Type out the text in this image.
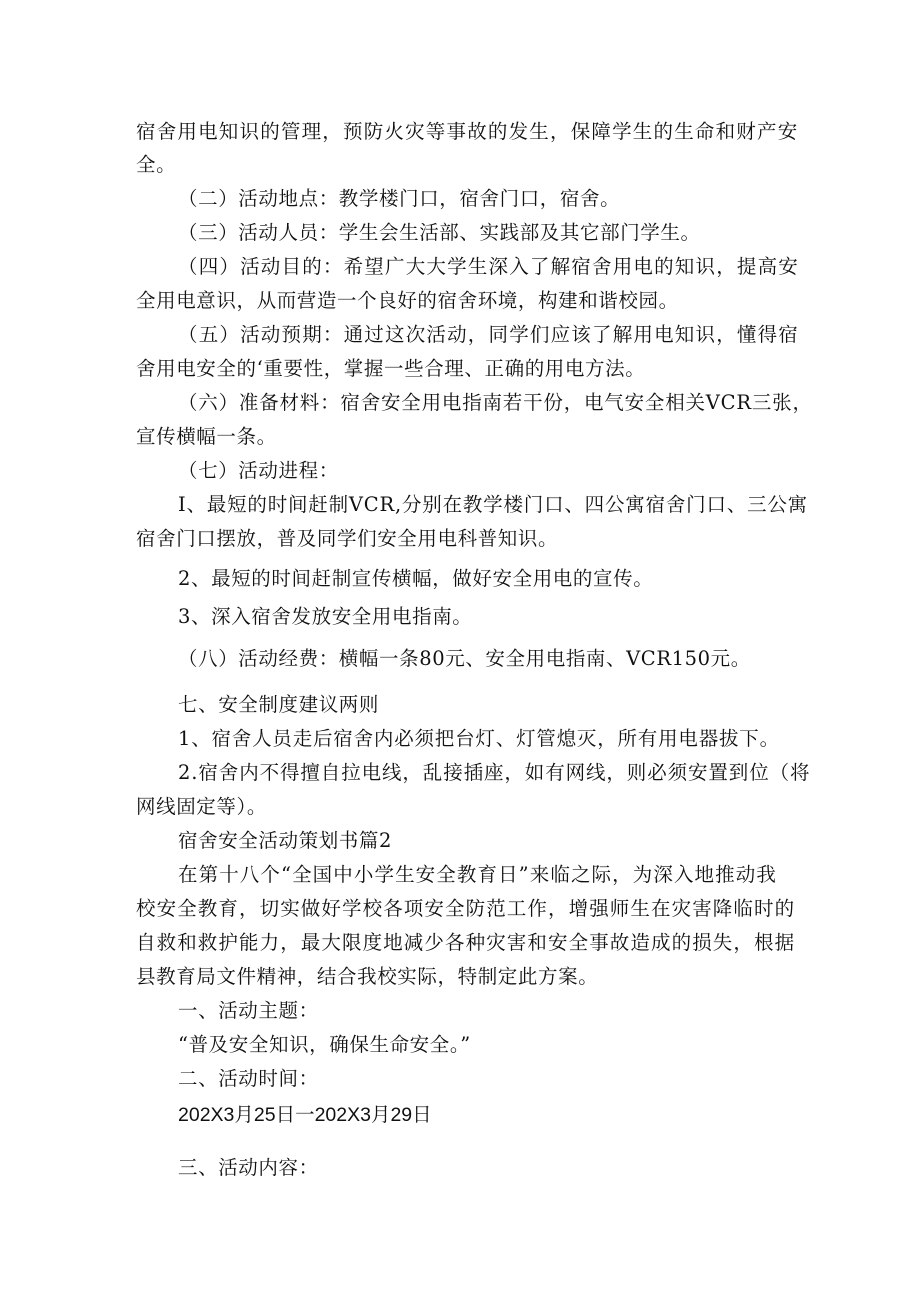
宿舍用电知识的管理，预防火灾等事故的发生，保障学生的生命和财产安
全。
（二）活动地点：教学楼门口，宿舍门口，宿舍。
（三）活动人员：学生会生活部、实践部及其它部门学生。
（四）活动目的：希望广大大学生深入了解宿舍用电的知识，提高安
全用电意识，从而营造一个良好的宿舍环境，构建和谐校园。
（五）活动预期：通过这次活动，同学们应该了解用电知识，懂得宿
舍用电安全的‘重要性，掌握一些合理、正确的用电方法。
（六）准备材料：宿舍安全用电指南若干份，电气安全相关VCR三张，
宣传横幅一条。
（七）活动进程：
I、最短的时间赶制VCR,分别在教学楼门口、四公寓宿舍门口、三公寓
宿舍门口摆放，普及同学们安全用电科普知识。
2、最短的时间赶制宣传横幅，做好安全用电的宣传。
3、深入宿舍发放安全用电指南。
（八）活动经费：横幅一条80元、安全用电指南、VCR150元。
七、安全制度建议两则
1、宿舍人员走后宿舍内必须把台灯、灯管熄灭，所有用电器拔下。
2.宿舍内不得擅自拉电线，乱接插座，如有网线，则必须安置到位（将
网线固定等）。
宿舍安全活动策划书篇2
在第十八个“全国中小学生安全教育日”来临之际，为深入地推动我
校安全教育，切实做好学校各项安全防范工作，增强师生在灾害降临时的
自救和救护能力，最大限度地减少各种灾害和安全事故造成的损失，根据
县教育局文件精神，结合我校实际，特制定此方案。
一、活动主题：
“普及安全知识，确保生命安全。”
二、活动时间：
202X3月25日一202X3月29日
三、活动内容：
